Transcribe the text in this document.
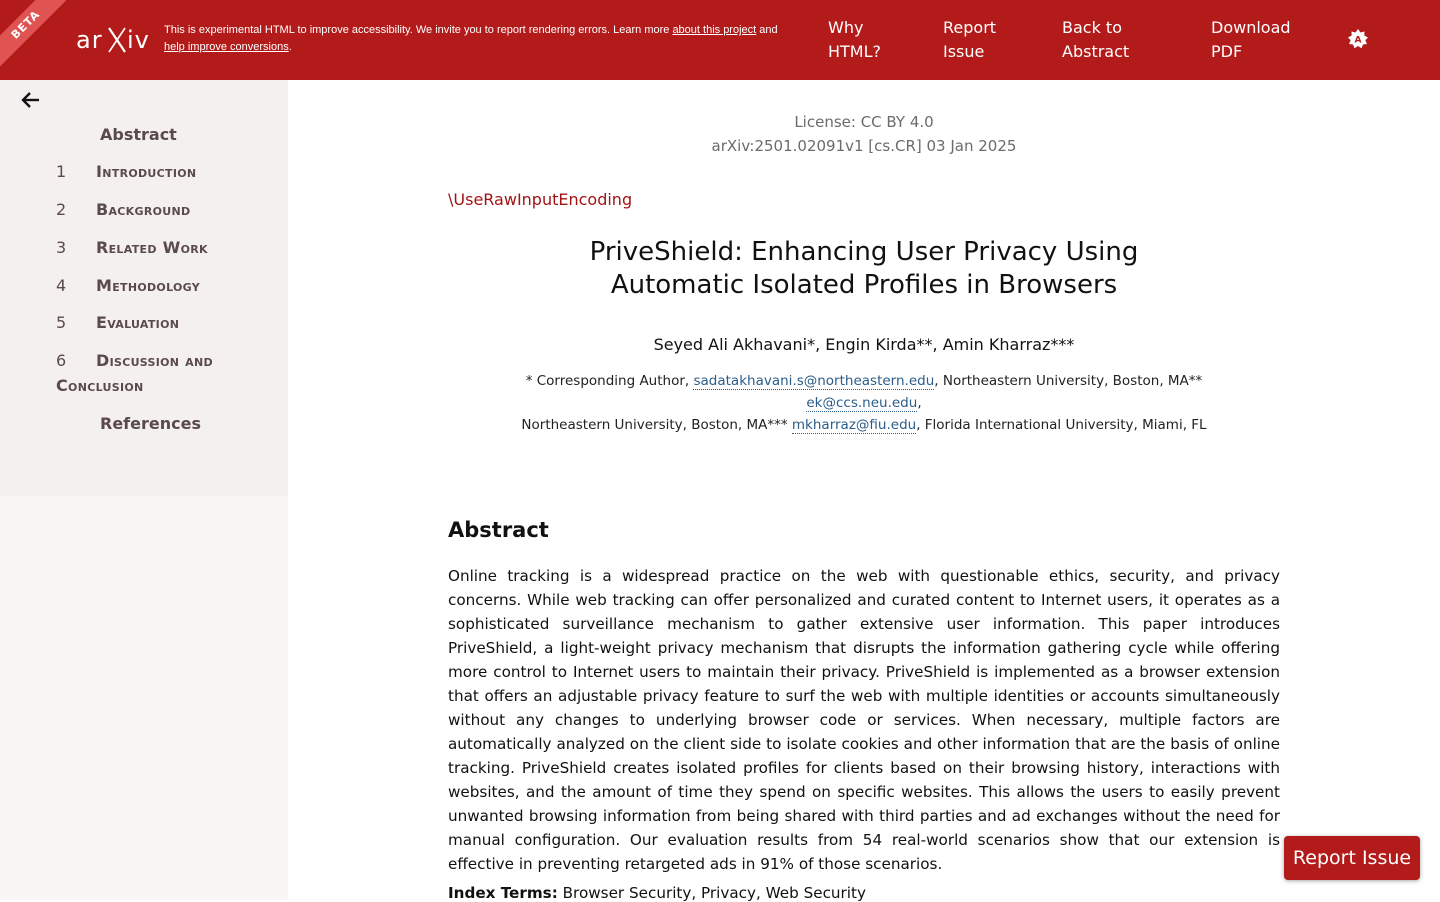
BETA	ar iv This is experimental HTML to improve accessibility. We invite you to report rendering errors. Learn more about this project and
help improve conversions.
Why
HTML?
Report
Issue
Back to
Abstract
Download
PDF
A
Abstract
1	Introduction
2	Background
3	Related Work
4	Methodology
5	Evaluation
6	Discussion and
Conclusion
References
License: CC BY 4.0
arXiv:2501.02091v1 [cs.CR] 03 Jan 2025
\UseRawInputEncoding
PriveShield: Enhancing User Privacy Using
Automatic Isolated Profiles in Browsers
Seyed Ali Akhavani*, Engin Kirda**, Amin Kharraz***
* Corresponding Author, sadatakhavani.s@northeastern.edu, Northeastern University, Boston, MA** ek@ccs.neu.edu,
Northeastern University, Boston, MA*** mkharraz@fiu.edu, Florida International University, Miami, FL
Abstract

Online tracking is a widespread practice on the web with questionable ethics, security, and privacy concerns. While web tracking can offer personalized and curated content to Internet users, it operates as a sophisticated surveillance mechanism to gather extensive user information. This paper introduces PriveShield, a light-weight privacy mechanism that disrupts the information gathering cycle while offering more control to Internet users to maintain their privacy. PriveShield is implemented as a browser extension that offers an adjustable privacy feature to surf the web with multiple identities or accounts simultaneously without any changes to underlying browser code or services. When necessary, multiple factors are automatically analyzed on the client side to isolate cookies and other information that are the basis of online tracking. PriveShield creates isolated profiles for clients based on their browsing history, interactions with websites, and the amount of time they spend on specific websites. This allows the users to easily prevent unwanted browsing information from being shared with third parties and ad exchanges without the need for manual configuration. Our evaluation results from 54 real-world scenarios show that our extension is effective in preventing retargeted ads in 91% of those scenarios.

Index Terms: Browser Security, Privacy, Web Security
Report Issue
